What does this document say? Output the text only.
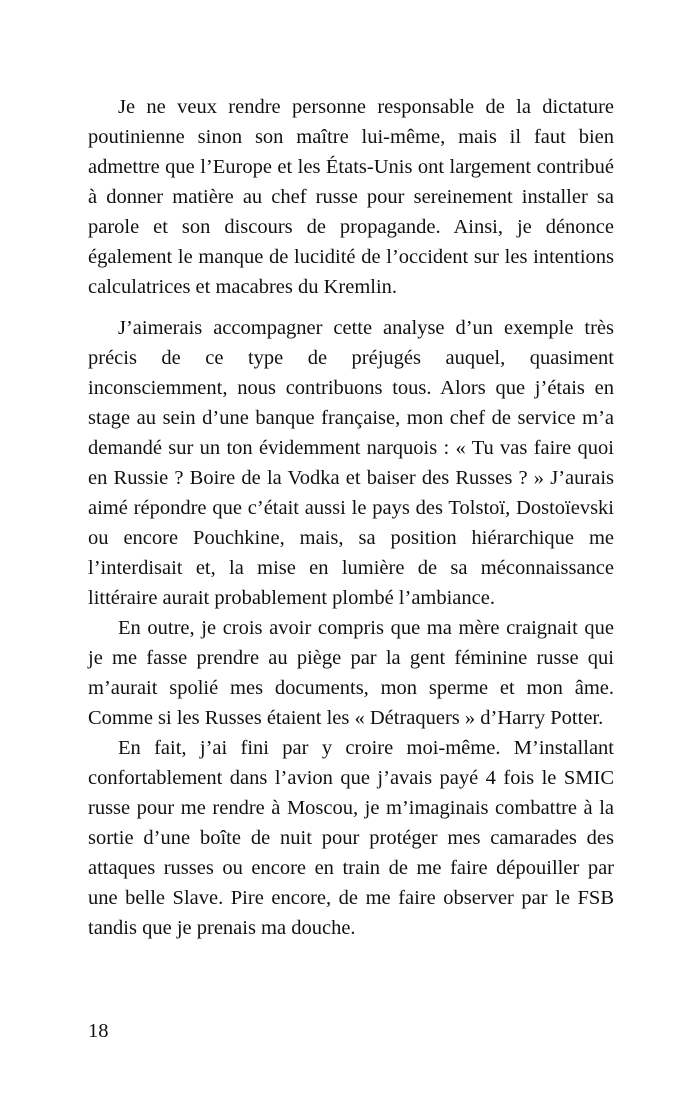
Je ne veux rendre personne responsable de la dictature poutinienne sinon son maître lui-même, mais il faut bien admettre que l’Europe et les États-Unis ont largement contribué à donner matière au chef russe pour sereinement installer sa parole et son discours de propagande. Ainsi, je dénonce également le manque de lucidité de l’occident sur les intentions calculatrices et macabres du Kremlin.

J’aimerais accompagner cette analyse d’un exemple très précis de ce type de préjugés auquel, quasiment inconsciemment, nous contribuons tous. Alors que j’étais en stage au sein d’une banque française, mon chef de service m’a demandé sur un ton évidemment narquois : « Tu vas faire quoi en Russie ? Boire de la Vodka et baiser des Russes ? » J’aurais aimé répondre que c’était aussi le pays des Tolstoï, Dostoïevski ou encore Pouchkine, mais, sa position hiérarchique me l’interdisait et, la mise en lumière de sa méconnaissance littéraire aurait probablement plombé l’ambiance.

En outre, je crois avoir compris que ma mère craignait que je me fasse prendre au piège par la gent féminine russe qui m’aurait spolié mes documents, mon sperme et mon âme. Comme si les Russes étaient les « Détraquers » d’Harry Potter.

En fait, j’ai fini par y croire moi-même. M’installant confortablement dans l’avion que j’avais payé 4 fois le SMIC russe pour me rendre à Moscou, je m’imaginais combattre à la sortie d’une boîte de nuit pour protéger mes camarades des attaques russes ou encore en train de me faire dépouiller par une belle Slave. Pire encore, de me faire observer par le FSB tandis que je prenais ma douche.

18
